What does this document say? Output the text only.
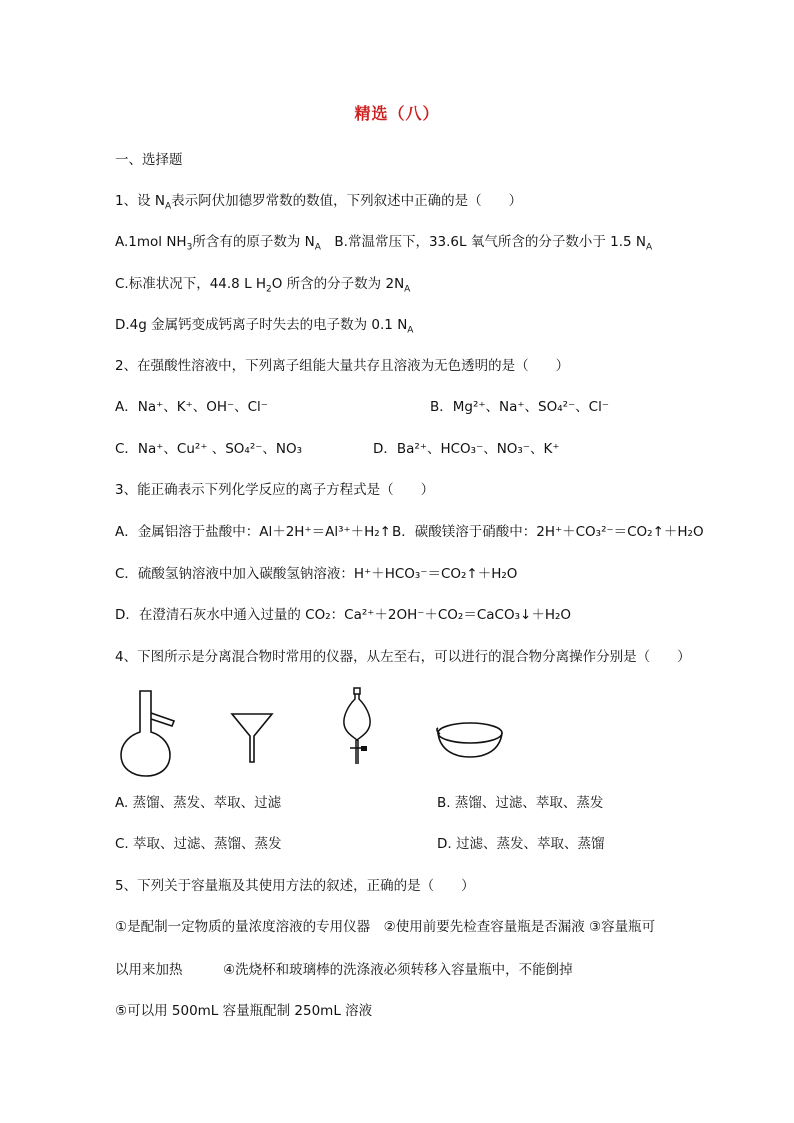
精选（八）
一、选择题
1、设 $N_A$表示阿伏加德罗常数的数值，下列叙述中正确的是（　　）
A.1mol $NH_3$所含有的原子数为 $N_A$　 B.常温常压下，33.6L 氧气所含的分子数小于 1.5 $N_A$
C.标准状况下，44.8 L $H_2O$ 所含的分子数为 $2N_A$
D.4g 金属钙变成钙离子时失去的电子数为 0.1 $N_A$
2、在强酸性溶液中，下列离子组能大量共存且溶液为无色透明的是（　　）
A．Na⁺、K⁺、OH⁻、Cl⁻	B．Mg²⁺、Na⁺、SO₄²⁻、Cl⁻
C．Na⁺、Cu²⁺ 、SO₄²⁻、NO₃	D．Ba²⁺、HCO₃⁻、NO₃⁻、K⁺
3、能正确表示下列化学反应的离子方程式是（　　）
A．金属铝溶于盐酸中：Al＋2H⁺＝Al³⁺＋H₂↑ B．碳酸镁溶于硝酸中：2H⁺＋CO₃²⁻＝CO₂↑＋H₂O
C．硫酸氢钠溶液中加入碳酸氢钠溶液：H⁺＋HCO₃⁻＝CO₂↑＋H₂O
D．在澄清石灰水中通入过量的 CO₂：Ca²⁺＋2OH⁻＋CO₂＝CaCO₃↓＋H₂O
4、下图所示是分离混合物时常用的仪器，从左至右，可以进行的混合物分离操作分别是（　　）
A. 蒸馏、蒸发、萃取、过滤	B. 蒸馏、过滤、萃取、蒸发
C. 萃取、过滤、蒸馏、蒸发	D. 过滤、蒸发、萃取、蒸馏
5、下列关于容量瓶及其使用方法的叙述，正确的是（　　）
①是配制一定物质的量浓度溶液的专用仪器　②使用前要先检查容量瓶是否漏液 ③容量瓶可
以用来加热　　　④洗烧杯和玻璃棒的洗涤液必须转移入容量瓶中，不能倒掉
⑤可以用 500mL 容量瓶配制 250mL 溶液
